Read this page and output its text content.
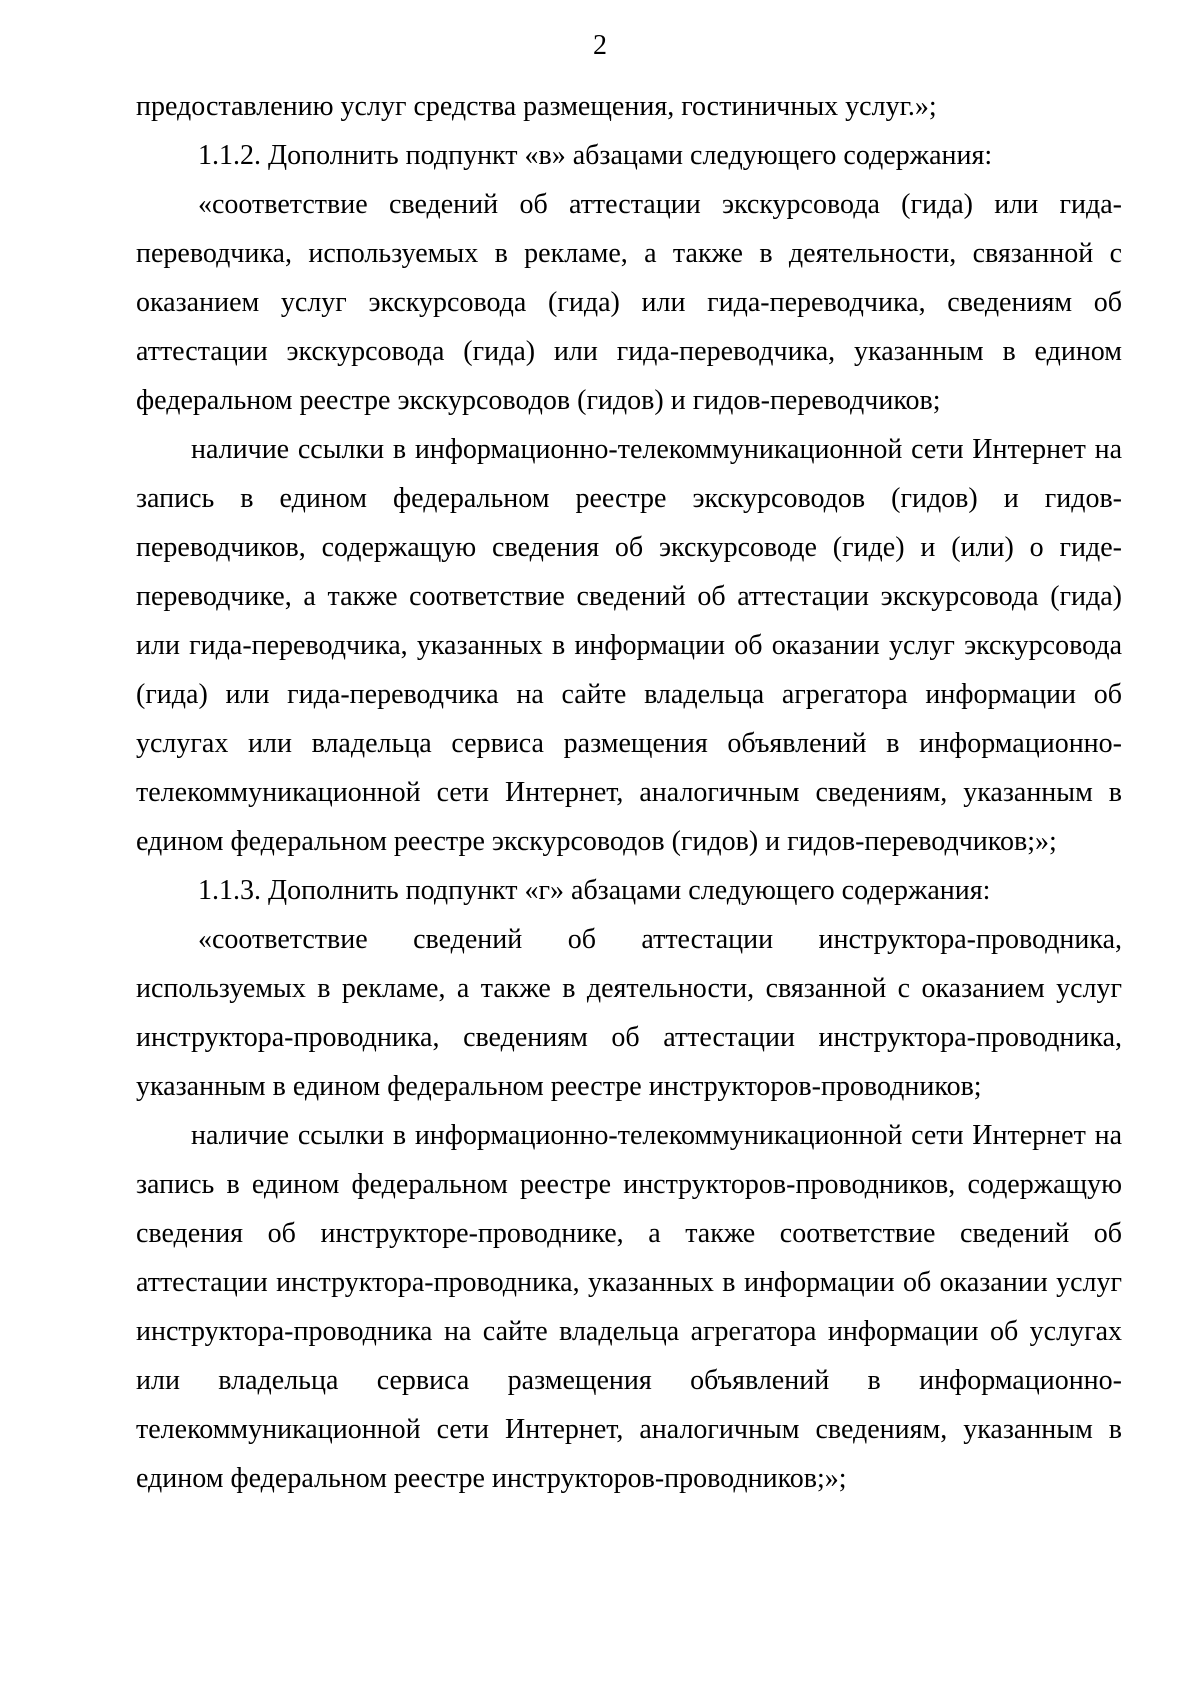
2

предоставлению услуг средства размещения, гостиничных услуг.»;

1.1.2. Дополнить подпункт «в» абзацами следующего содержания:

«соответствие сведений об аттестации экскурсовода (гида) или гида-переводчика, используемых в рекламе, а также в деятельности, связанной с оказанием услуг экскурсовода (гида) или гида-переводчика, сведениям об аттестации экскурсовода (гида) или гида-переводчика, указанным в едином федеральном реестре экскурсоводов (гидов) и гидов-переводчиков;

наличие ссылки в информационно-телекоммуникационной сети Интернет на запись в едином федеральном реестре экскурсоводов (гидов) и гидов-переводчиков, содержащую сведения об экскурсоводе (гиде) и (или) о гиде-переводчике, а также соответствие сведений об аттестации экскурсовода (гида) или гида-переводчика, указанных в информации об оказании услуг экскурсовода (гида) или гида-переводчика на сайте владельца агрегатора информации об услугах или владельца сервиса размещения объявлений в информационно-телекоммуникационной сети Интернет, аналогичным сведениям, указанным в едином федеральном реестре экскурсоводов (гидов) и гидов-переводчиков;»;

1.1.3. Дополнить подпункт «г» абзацами следующего содержания:

«соответствие сведений об аттестации инструктора-проводника, используемых в рекламе, а также в деятельности, связанной с оказанием услуг инструктора-проводника, сведениям об аттестации инструктора-проводника, указанным в едином федеральном реестре инструкторов-проводников;

наличие ссылки в информационно-телекоммуникационной сети Интернет на запись в едином федеральном реестре инструкторов-проводников, содержащую сведения об инструкторе-проводнике, а также соответствие сведений об аттестации инструктора-проводника, указанных в информации об оказании услуг инструктора-проводника на сайте владельца агрегатора информации об услугах или владельца сервиса размещения объявлений в информационно-телекоммуникационной сети Интернет, аналогичным сведениям, указанным в едином федеральном реестре инструкторов-проводников;»;
